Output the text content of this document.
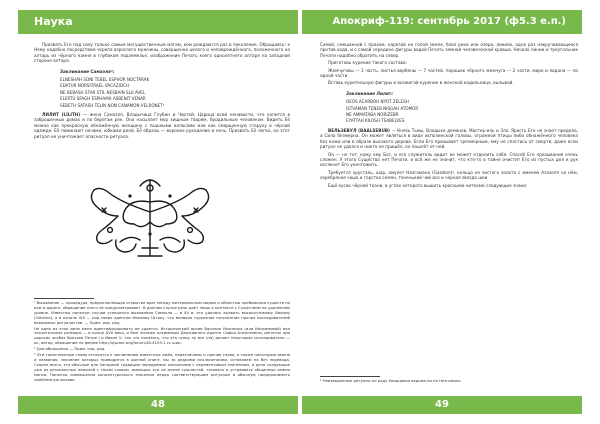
Наука

Призвать Его под силу только самым могущественным магам, ком рождаются раз в поколение. Обращаясь¹ к Нему надобно посредством черепа взрослого мужчины, совершенно целого и неповреждённого, положенного на алтарь из чёрного камня в глубоком подземелье, изображение Печать коего однолетнего алтаря на западной стороне алтаря.

Заклинание Самаэля²:
ELNESHAH SONI TEBEL ESPHOR NOCTARAK
EDATUR NORSITRAEL VACAZIOCH
NE BEBASH STAR STIL NESBAIN SLU AVEL
ELERTU SFAGH ESPHAMA ASBENIT VENAR
SEBETH SATASH TELIN NON CANAMON VELRONET³

ЛИЛИТ (LILITH) — жена Самаэля, Владычица Глубин и Чертей, Царица всей ненависти, что копится в заброшенных домах и по берегам рек. Она насылает мор хищным тварям, бродильным человеком. Видеть Её можно как прекрасную обнажённую женщину с пышными волосами или как сморщенную старуху в чёрной одежде. Её поминают ночами, юбками дней. Её образы — вороное рукоделие и ночь. Призвать Её легко, но этот ритуал не уничтожает опасности ритуала.

¹ Вызывание — процедура, предполагающая открытие врат между материальным миром и областью пребывания существ по ком и дороге, обращение этого не предусматривает. В данном случае речь идёт лишь о контакте с Существом на удалённом уровне. Известны попытки случаи успешного вызывания Самаэля — в XV в. его удалось вызвать высокочтимому Иохиму (Ottoline), а в начале XIX — ряд своих адептов Иоахиму Штоку, что вызвало сурьезное потрясение прочих последователей верховных ритуалистов. — Прим. изд. ред.

Не одно из этих дела меня идентифицировать не удается. Исторический архив Василия Иконника (или Иоахимовой) вел значительные размеры — в конце XVII века, и был личным алхимиком Державного Адепта Софьи Алексеевны, регенты при царских особах братьев Петре I и Иване V, так что показать, что эта супру лу все (на) делает некоторые исследователи — ок, автор, обращение на ферме http://ujsome.org/forum/48-4103-1 сс шир.

² Для обращения — Прим. изд. ред.

³ Эти таинственные слова относятся к заклинанию известных имён, неразличимы и прочие слова, а также некоторые имена и названия, значение которых приводится в данной книге, мы за редкими исключениями, оставляем на без перевода. Скорее всего, это обычные для Западной традиции передаемое заклинание с переменчивым значением, и дело следующее уже из резонансных немалей с таким словом, имеющих эти не менее сущностей, тасовать и устраивать общинные имени магии. Попытка совмещения концептуального значения перед соответствующим ритуалом в обычную предпринимать проблемную вызова.

48
Апокриф-119: сентябрь 2017 (ф5.3 е.п.)

Самой, смешанной с прахом, нарезай на голой земле, близ реки или озера, линиях, одна раз накручивающееся против хода, и с самой середине фигуры водой Печать земной человеческой кровью. Начало линии и треугольник Печати надобно обратить на север.

Приготовь курение такого состава:

Жемчуговы — 1 часть, листья вербены — 7 частей, порошок чёрного жемчуга — 2 части, миро и ладана — по одной части.

Вставь курительную фигуры и возжигай курение в женской кадильнице, вызывай.

Заклинание Лилит:
OEOS ACARBOH NYOT ZELESH
ISTVAMAN TENEB NISGAH ATOMOR
NE AMMATABA NORIZEBR
EYATTAH KILOSH TSABELVES

ВЕЛЬЗЕВУЛ (BAALSEBUB) — Князь Тьмы, Владыка демонов, Мастер-иль и Зло. Ярость Его не знает предела, а Сила безмерна. Он может являться в виде исполинской головы, огромной птицы либо обнажённого человека без кожи или в образе высокого дерева. Если Его призывает чрезмерным, ему не спастись от смерти, даже если ритуал не удался и никто не пришёл, он пошлёт от ней.

Он — не тот, кому ему Бог, и его служитель видит не может отделить себя. Способ Его призывания очень сложен. У этого Существа нет Печати, и всё же не значит, что кто-то в тайне очистит Его из пустых дел и рук иссякнет Его уничтожить.

Требуется хрусталь, шар, амулет Назгомана (Gazelon)⁴, кольцо из чистого золота с именем Азазеля на нём, серебряная чаша и горстка семян, тоненький чей все и черная звезда шеи.

Ещё кусок чёрной ткани, в углах которого вышить красными нитками следующие знаки:

⁴ Неизведанные ритуалы по роду Кварцевая ведьма по на Незгомана

49
